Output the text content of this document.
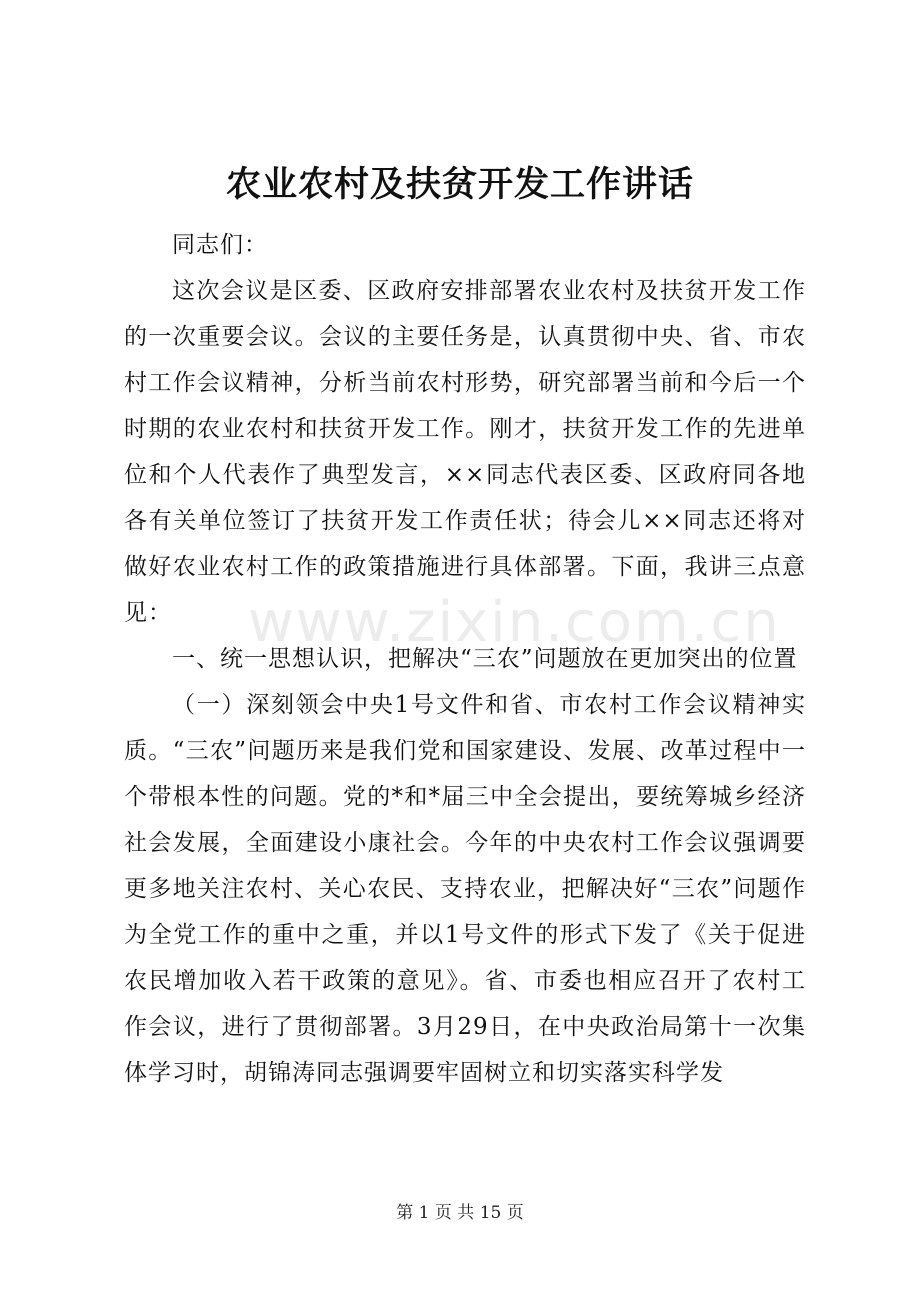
农业农村及扶贫开发工作讲话

同志们：

这次会议是区委、区政府安排部署农业农村及扶贫开发工作的一次重要会议。会议的主要任务是，认真贯彻中央、省、市农村工作会议精神，分析当前农村形势，研究部署当前和今后一个时期的农业农村和扶贫开发工作。刚才，扶贫开发工作的先进单位和个人代表作了典型发言，××同志代表区委、区政府同各地各有关单位签订了扶贫开发工作责任状；待会儿××同志还将对做好农业农村工作的政策措施进行具体部署。下面，我讲三点意见：

一、统一思想认识，把解决“三农”问题放在更加突出的位置

（一）深刻领会中央1号文件和省、市农村工作会议精神实质。“三农”问题历来是我们党和国家建设、发展、改革过程中一个带根本性的问题。党的*和*届三中全会提出，要统筹城乡经济社会发展，全面建设小康社会。今年的中央农村工作会议强调要更多地关注农村、关心农民、支持农业，把解决好“三农”问题作为全党工作的重中之重，并以1号文件的形式下发了《关于促进农民增加收入若干政策的意见》。省、市委也相应召开了农村工作会议，进行了贯彻部署。3月29日，在中央政治局第十一次集体学习时，胡锦涛同志强调要牢固树立和切实落实科学发

www.zixin.com.cn
第 1 页 共 15 页
